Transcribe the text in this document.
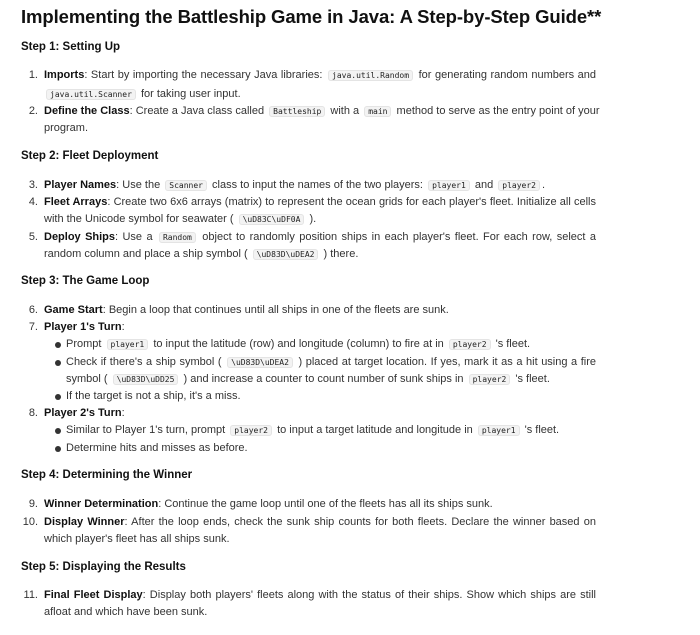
Implementing the Battleship Game in Java: A Step-by-Step Guide**
Step 1: Setting Up
1. Imports: Start by importing the necessary Java libraries: java.util.Random for generating random numbers and
java.util.Scanner for taking user input.
2. Define the Class: Create a Java class called Battleship with a main method to serve as the entry point of your
program.
Step 2: Fleet Deployment
3. Player Names: Use the Scanner class to input the names of the two players: player1 and player2 .
4. Fleet Arrays: Create two 6x6 arrays (matrix) to represent the ocean grids for each player's fleet. Initialize all cells
with the Unicode symbol for seawater ( \uD83C\uDF0A ).
5. Deploy Ships: Use a Random object to randomly position ships in each player's fleet. For each row, select a
random column and place a ship symbol ( \uD83D\uDEA2 ) there.
Step 3: The Game Loop
6. Game Start: Begin a loop that continues until all ships in one of the fleets are sunk.
7. Player 1's Turn:
Prompt player1 to input the latitude (row) and longitude (column) to fire at in player2 's fleet.
Check if there's a ship symbol ( \uD83D\uDEA2 ) placed at target location. If yes, mark it as a hit using a fire
symbol ( \uD83D\uDD25 ) and increase a counter to count number of sunk ships in player2 's fleet.
If the target is not a ship, it's a miss.
8. Player 2's Turn:
Similar to Player 1's turn, prompt player2 to input a target latitude and longitude in player1 's fleet.
Determine hits and misses as before.
Step 4: Determining the Winner
9. Winner Determination: Continue the game loop until one of the fleets has all its ships sunk.
10. Display Winner: After the loop ends, check the sunk ship counts for both fleets. Declare the winner based on
which player's fleet has all ships sunk.
Step 5: Displaying the Results
11. Final Fleet Display: Display both players' fleets along with the status of their ships. Show which ships are still
afloat and which have been sunk.
